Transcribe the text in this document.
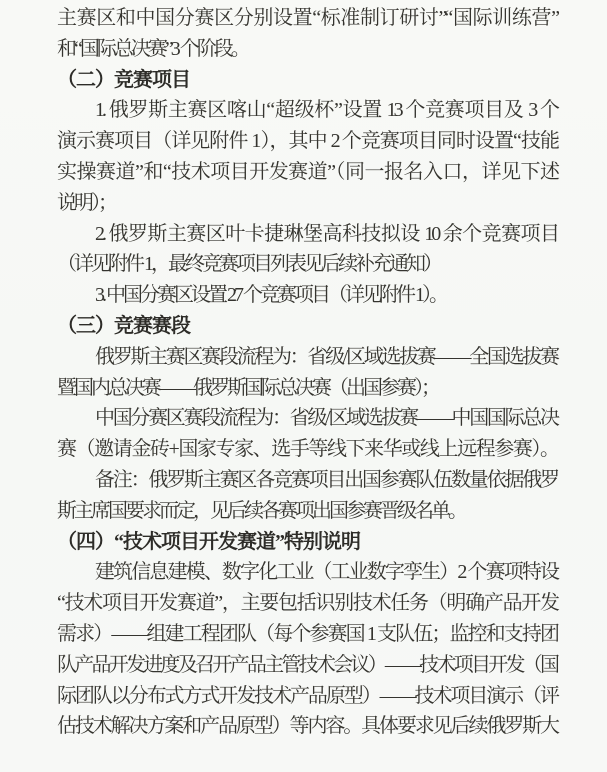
主赛区和中国分赛区分别设置“标准制订研讨”“国际训练营”
和“国际总决赛”3 个阶段。
（二）竞赛项目
1. 俄罗斯主赛区喀山“超级杯”设置 13 个竞赛项目及 3 个
演示赛项目（详见附件 1），其中 2 个竞赛项目同时设置“技能
实操赛道”和“技术项目开发赛道”（同一报名入口，详见下述
说明）；
2. 俄罗斯主赛区叶卡捷琳堡高科技拟设 10 余个竞赛项目
（详见附件 1，最终竞赛项目列表见后续补充通知）
3. 中国分赛区设置 27 个竞赛项目（详见附件 1）。
（三）竞赛赛段
俄罗斯主赛区赛段流程为：省级/区域选拔赛——全国选拔赛
暨国内总决赛——俄罗斯国际总决赛（出国参赛）；
中国分赛区赛段流程为：省级/区域选拔赛——中国国际总决
赛（邀请金砖+国家专家、选手等线下来华或线上远程参赛）。
备注：俄罗斯主赛区各竞赛项目出国参赛队伍数量依据俄罗
斯主席国要求而定，见后续各赛项出国参赛晋级名单。
（四）“技术项目开发赛道”特别说明
建筑信息建模、数字化工业（工业数字孪生）2 个赛项特设
“技术项目开发赛道”，主要包括识别技术任务（明确产品开发
需求）——组建工程团队（每个参赛国 1 支队伍；监控和支持团
队产品开发进度及召开产品主管技术会议）——技术项目开发（国
际团队以分布式方式开发技术产品原型）——技术项目演示（评
估技术解决方案和产品原型）等内容。具体要求见后续俄罗斯大
